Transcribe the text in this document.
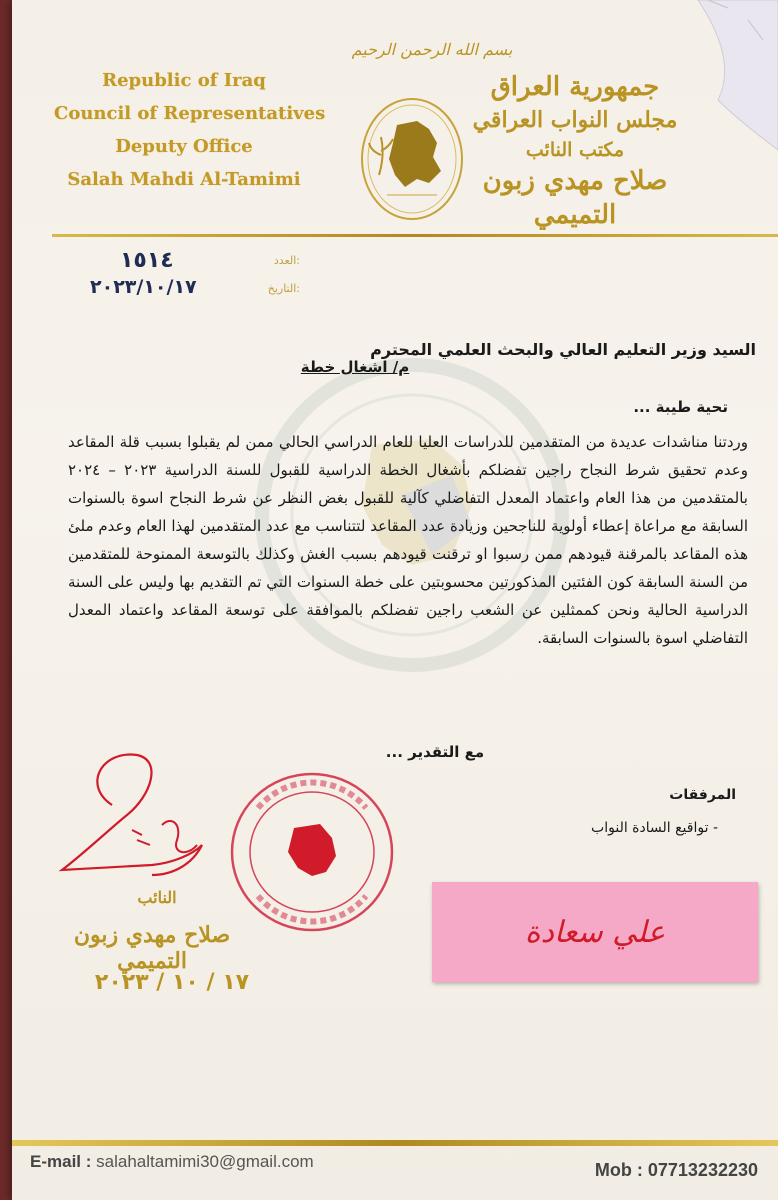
بسم الله الرحمن الرحيم
Republic of Iraq
Council of Representatives
Deputy Office
Salah Mahdi Al-Tamimi
جمهورية العراق
مجلس النواب العراقي
مكتب النائب
صلاح مهدي زبون التميمي
١٥١٤	العدد:
٢٠٢٣/١٠/١٧	التاريخ:
السيد وزير التعليم العالي والبحث العلمي المحترم
م/ اشغال خطة
تحية طيبة ...
وردتنا مناشدات عديدة من المتقدمين للدراسات العليا للعام الدراسي الحالي ممن لم يقبلوا بسبب قلة المقاعد وعدم تحقيق شرط النجاح راجين تفضلكم بأشغال الخطة الدراسية للقبول للسنة الدراسية ٢٠٢٣ – ٢٠٢٤ بالمتقدمين من هذا العام واعتماد المعدل التفاضلي كآلية للقبول بغض النظر عن شرط النجاح اسوة بالسنوات السابقة مع مراعاة إعطاء أولوية للناجحين وزيادة عدد المقاعد لتتناسب مع عدد المتقدمين لهذا العام وعدم ملئ هذه المقاعد بالمرقنة قيودهم ممن رسبوا او ترقنت قيودهم بسبب الغش وكذلك بالتوسعة الممنوحة للمتقدمين من السنة السابقة كون الفئتين المذكورتين محسوبتين على خطة السنوات التي تم التقديم بها وليس على السنة الدراسية الحالية ونحن كممثلين عن الشعب راجين تفضلكم بالموافقة على توسعة المقاعد واعتماد المعدل التفاضلي اسوة بالسنوات السابقة.
مع التقدير ...
المرفقات
- تواقيع السادة النواب
النائب
صلاح مهدي زبون التميمي
١٧ / ١٠ / ٢٠٢٣
علي سعادة
E-mail : salahaltamimi30@gmail.com	Mob : 07713232230
